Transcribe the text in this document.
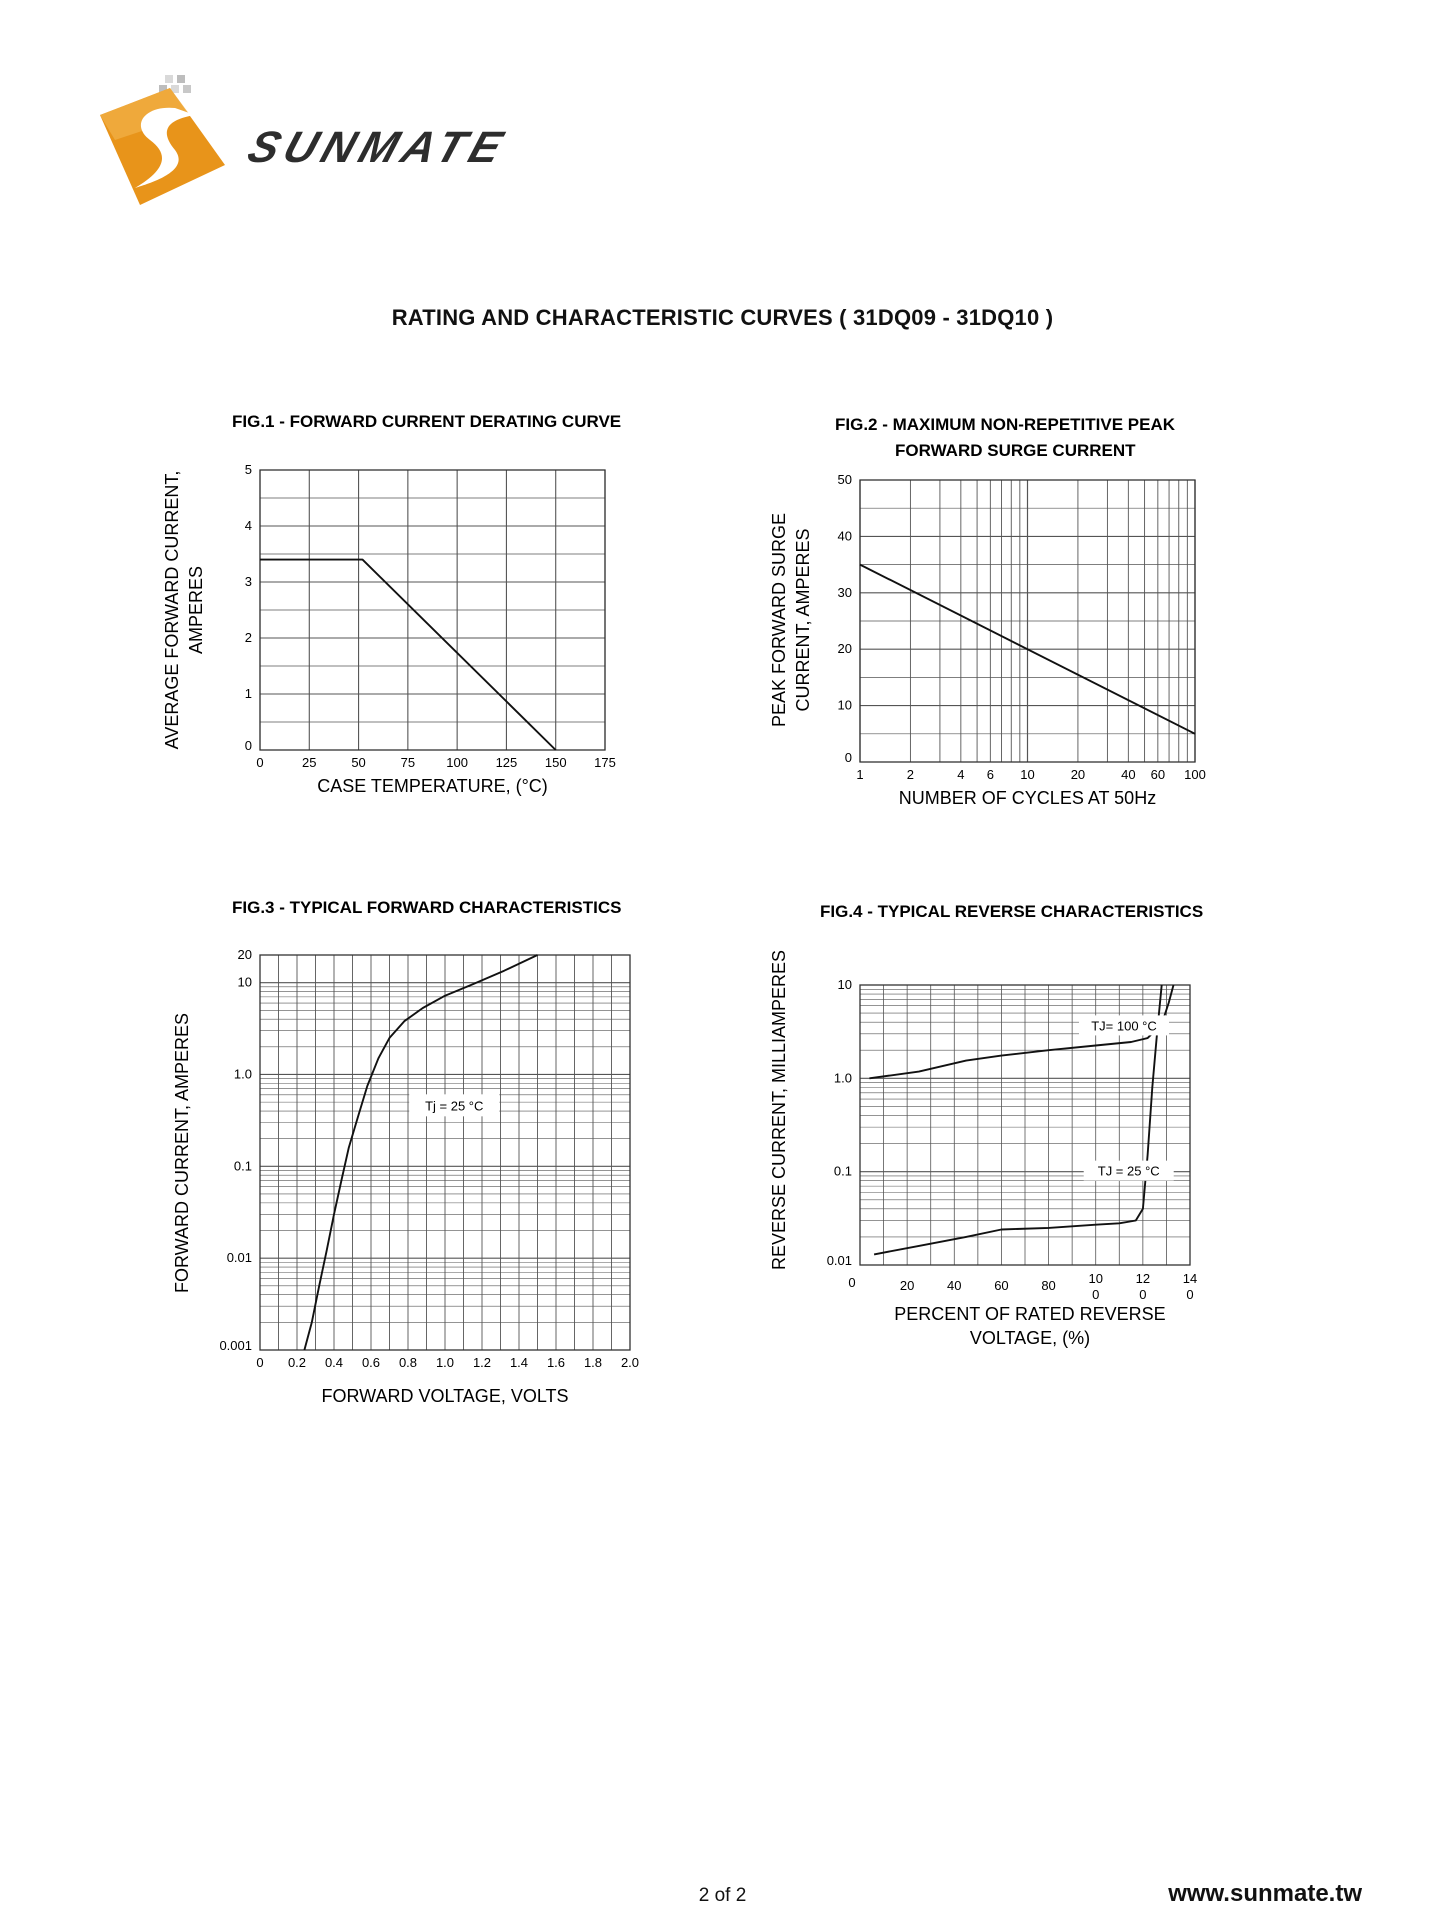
SUNMATE
RATING AND CHARACTERISTIC CURVES ( 31DQ09 - 31DQ10 )
FIG.1 - FORWARD CURRENT DERATING CURVE
0	25	50	75 100 125 150 175
0
1
2
3
4
5
CASE TEMPERATURE, (°C)
AVERAGE FORWARD CURRENT, AMPERES
FIG.2 - MAXIMUM NON-REPETITIVE PEAK
FORWARD SURGE CURRENT
1	2	4 6 10	20	40 60 100
0
10
20
30
40
50
NUMBER OF CYCLES AT 50Hz
PEAK FORWARD SURGE CURRENT, AMPERES
FIG.3 - TYPICAL FORWARD CHARACTERISTICS
0 0.2 0.4 0.6 0.8 1.0 1.2 1.4 1.6 1.8 2.0
0.001
0.01
0.1
1.0
10
20
FORWARD VOLTAGE, VOLTS
FORWARD CURRENT, AMPERES	Tj = 25 °C
FIG.4 - TYPICAL REVERSE CHARACTERISTICS
0	20	40	60	80	10
0
12
0
14
0
0.01
0.1
1.0
10
PERCENT OF RATED REVERSE
VOLTAGE, (%)
REVERSE CURRENT, MILLIAMPERES	TJ= 100 °C
TJ = 25 °C
2 of 2	www.sunmate.tw
